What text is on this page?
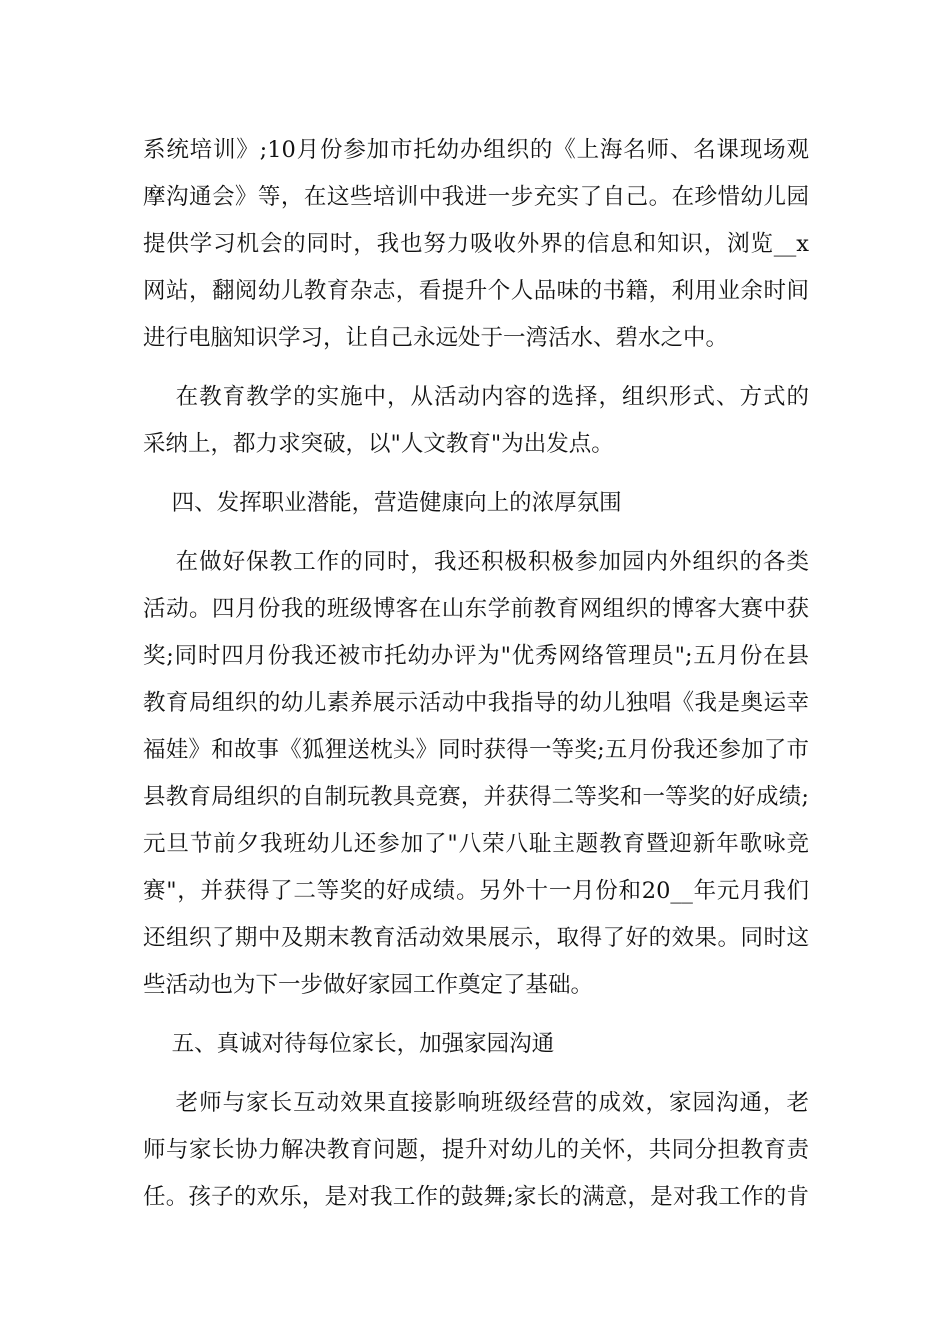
系统培训》;10月份参加市托幼办组织的《上海名师、名课现场观
摩沟通会》等，在这些培训中我进一步充实了自己。在珍惜幼儿园
提供学习机会的同时，我也努力吸收外界的信息和知识，浏览__x
网站，翻阅幼儿教育杂志，看提升个人品味的书籍，利用业余时间
进行电脑知识学习，让自己永远处于一湾活水、碧水之中。
在教育教学的实施中，从活动内容的选择，组织形式、方式的
采纳上，都力求突破，以"人文教育"为出发点。
四、发挥职业潜能，营造健康向上的浓厚氛围
在做好保教工作的同时，我还积极积极参加园内外组织的各类
活动。四月份我的班级博客在山东学前教育网组织的博客大赛中获
奖;同时四月份我还被市托幼办评为"优秀网络管理员";五月份在县
教育局组织的幼儿素养展示活动中我指导的幼儿独唱《我是奥运幸
福娃》和故事《狐狸送枕头》同时获得一等奖;五月份我还参加了市
县教育局组织的自制玩教具竞赛，并获得二等奖和一等奖的好成绩;
元旦节前夕我班幼儿还参加了"八荣八耻主题教育暨迎新年歌咏竞
赛"，并获得了二等奖的好成绩。另外十一月份和20__年元月我们
还组织了期中及期末教育活动效果展示，取得了好的效果。同时这
些活动也为下一步做好家园工作奠定了基础。
五、真诚对待每位家长，加强家园沟通
老师与家长互动效果直接影响班级经营的成效，家园沟通，老
师与家长协力解决教育问题，提升对幼儿的关怀，共同分担教育责
任。孩子的欢乐，是对我工作的鼓舞;家长的满意，是对我工作的肯
